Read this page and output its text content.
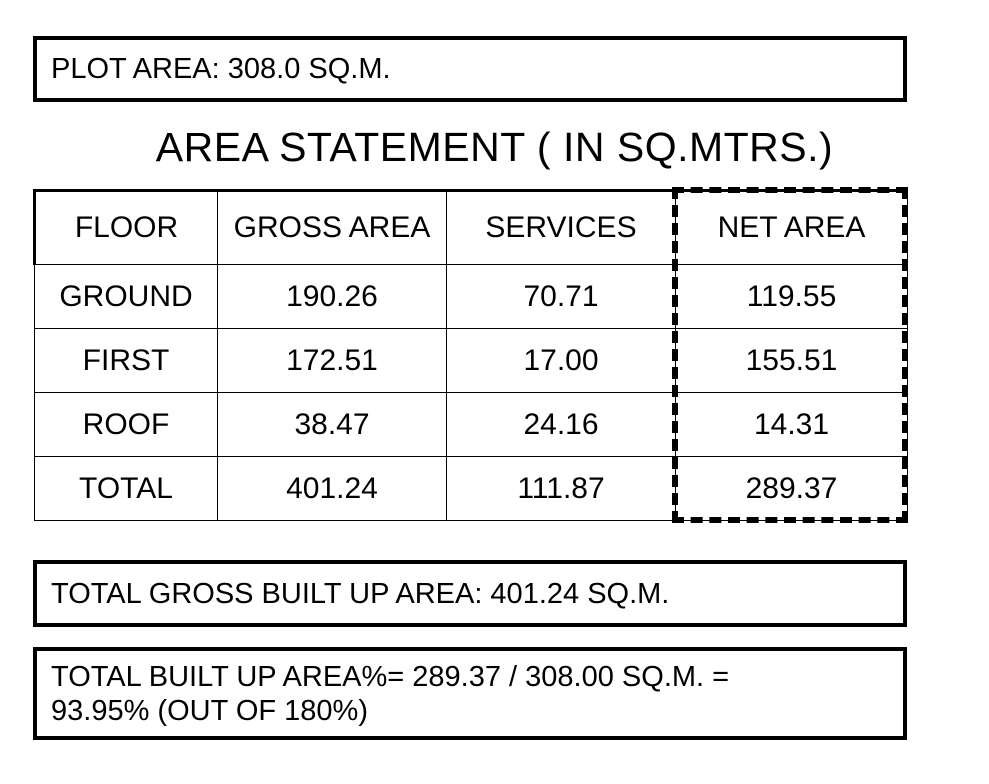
PLOT AREA: 308.0 SQ.M.
AREA STATEMENT ( IN SQ.MTRS.)
FLOOR	GROSS AREA	SERVICES	NET AREA
GROUND	190.26	70.71	119.55
FIRST	172.51	17.00	155.51
ROOF	38.47	24.16	14.31
TOTAL	401.24	111.87	289.37
TOTAL GROSS BUILT UP AREA: 401.24 SQ.M.
TOTAL BUILT UP AREA%= 289.37 / 308.00 SQ.M. =
93.95% (OUT OF 180%)
